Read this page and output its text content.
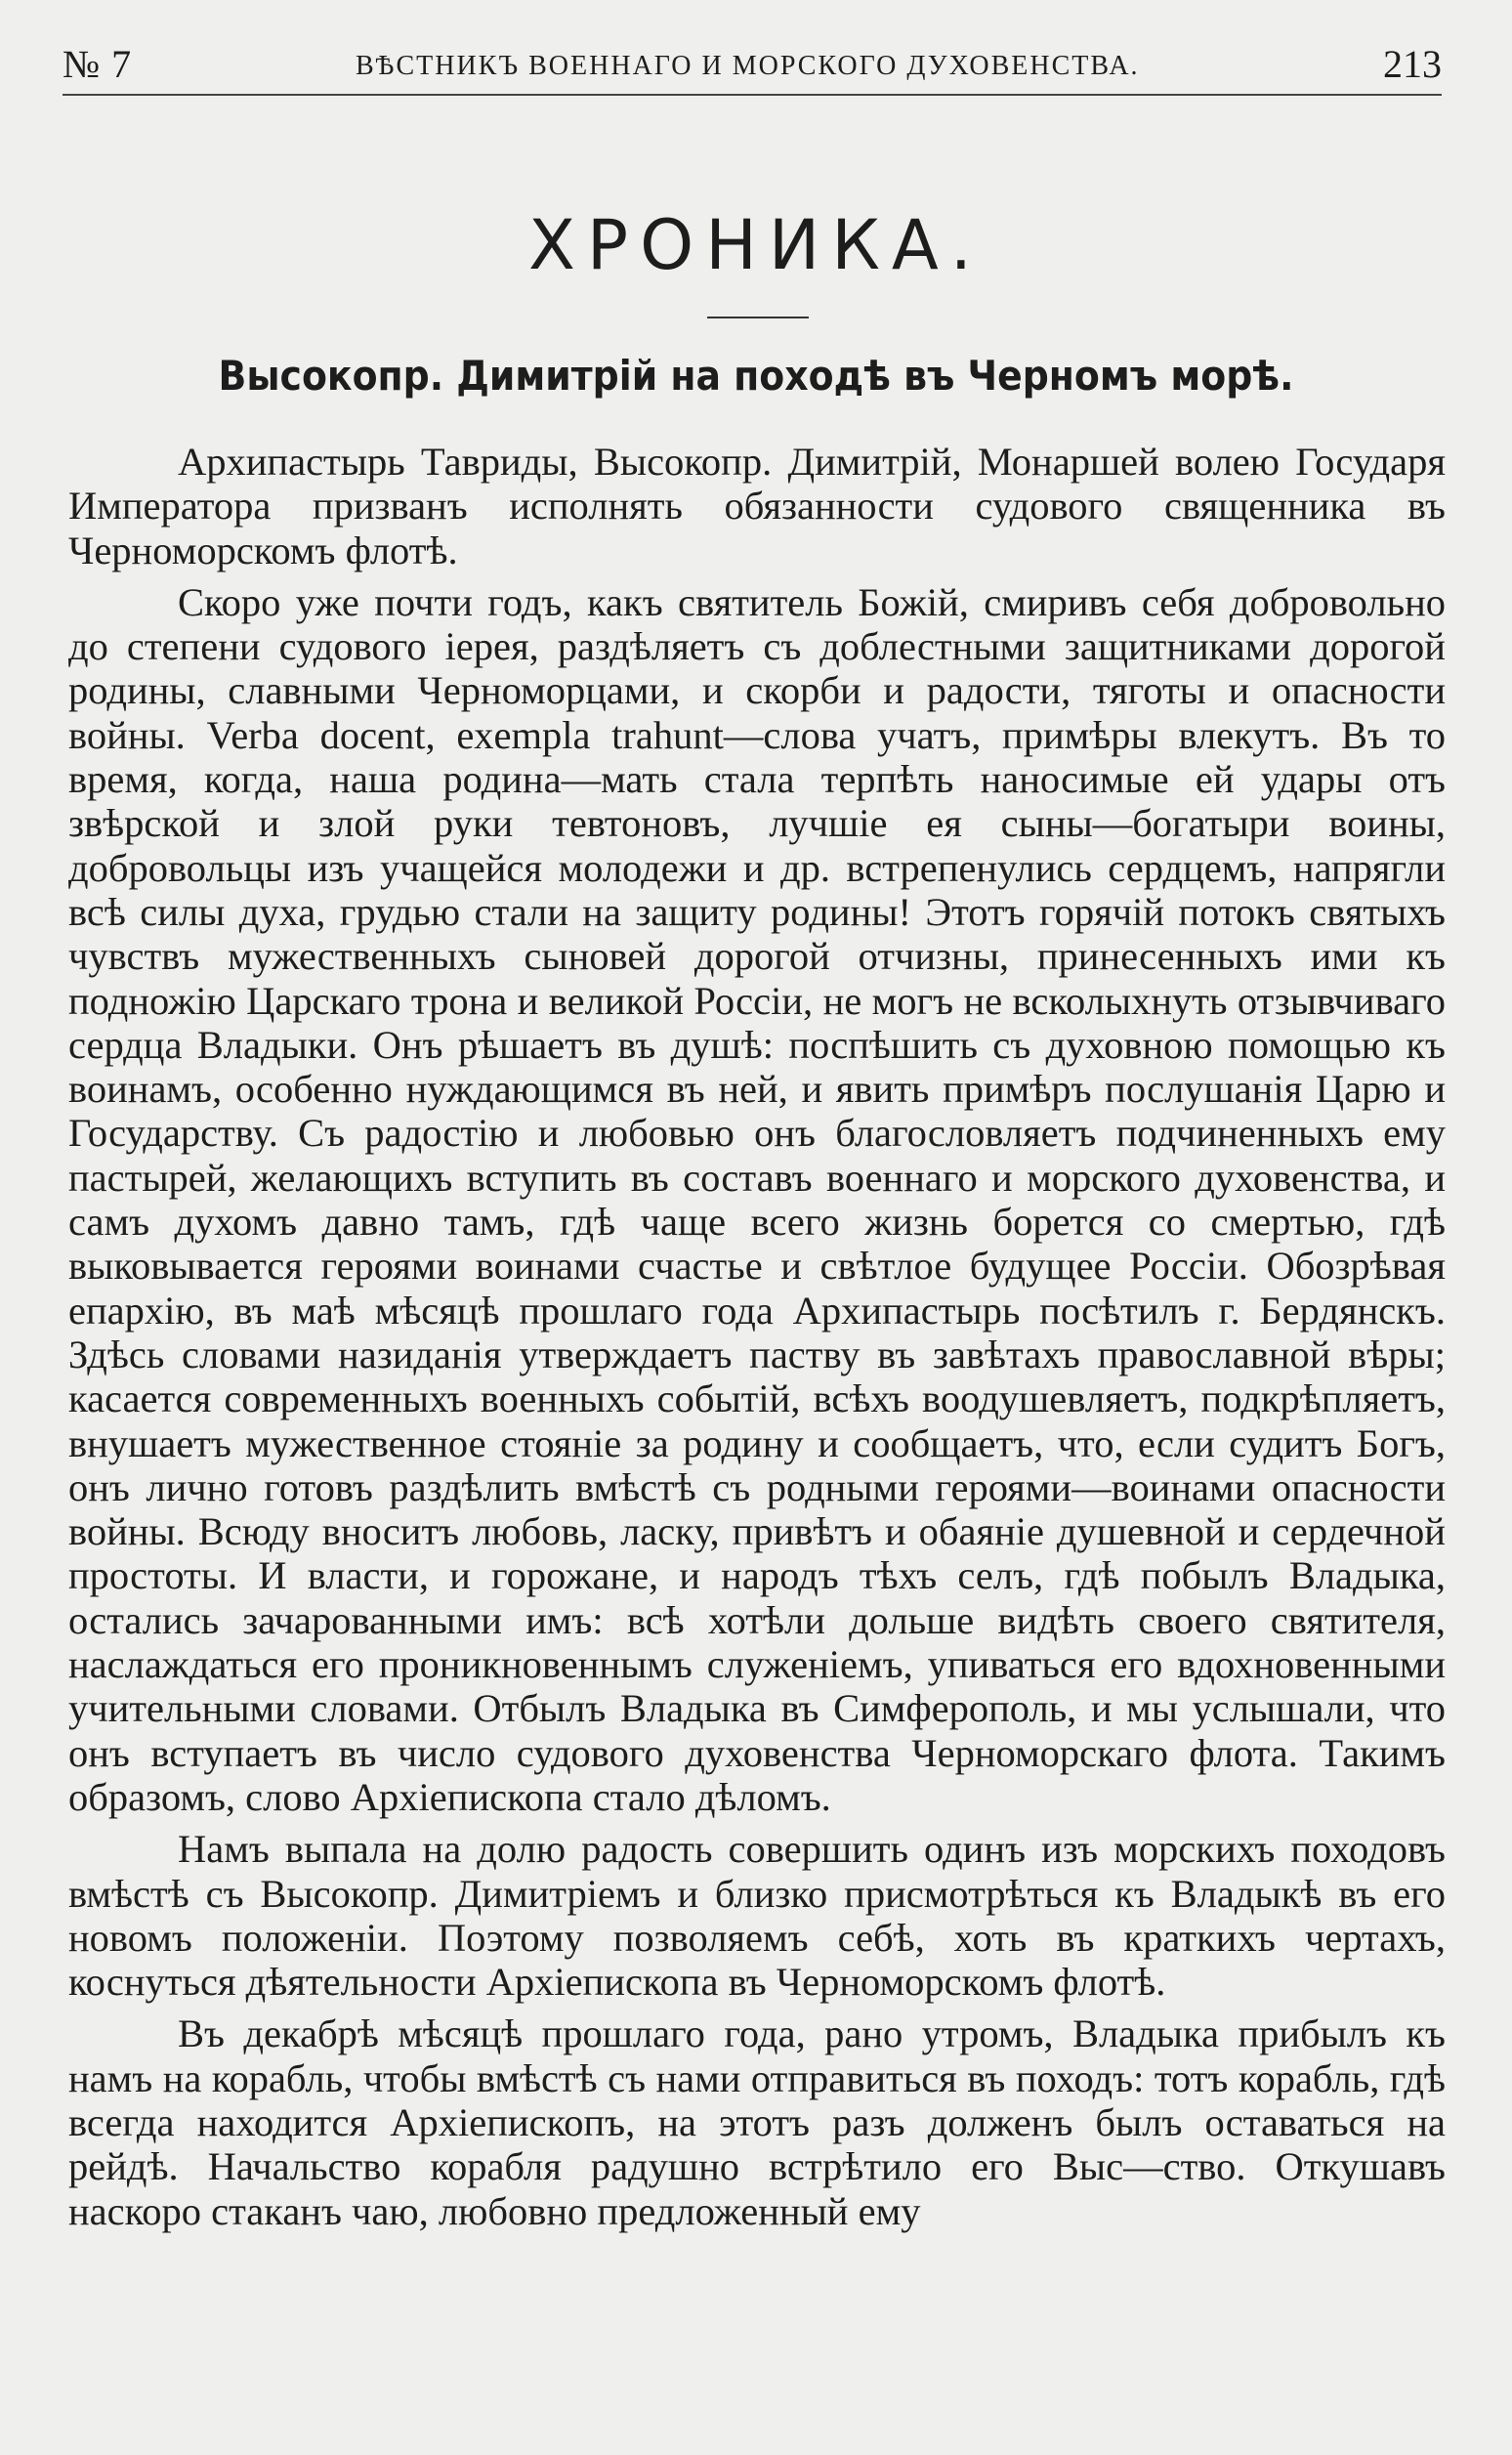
№ 7	ВѢСТНИКЪ ВОЕННАГО И МОРСКОГО ДУХОВЕНСТВА.	213
ХРОНИКА.
Высокопр. Димитрій на походѣ въ Черномъ морѣ.

Архипастырь Тавриды, Высокопр. Димитрій, Монаршей волею Государя Императора призванъ исполнять обязанности судового священника въ Черноморскомъ флотѣ.

Скоро уже почти годъ, какъ святитель Божій, смиривъ себя добровольно до степени судового іерея, раздѣляетъ съ доблестными защитниками дорогой родины, славными Черноморцами, и скорби и радости, тяготы и опасности войны. Verba docent, exempla trahunt—слова учатъ, примѣры влекутъ. Въ то время, когда, наша родина—мать стала терпѣть наносимые ей удары отъ звѣрской и злой руки тевтоновъ, лучшіе ея сыны—богатыри воины, добровольцы изъ учащейся молодежи и др. встрепенулись сердцемъ, напрягли всѣ силы духа, грудью стали на защиту родины! Этотъ горячій потокъ святыхъ чувствъ мужественныхъ сыновей дорогой отчизны, принесенныхъ ими къ подножію Царскаго трона и великой Россіи, не могъ не всколыхнуть отзывчиваго сердца Владыки. Онъ рѣшаетъ въ душѣ: поспѣшить съ духовною помощью къ воинамъ, особенно нуждающимся въ ней, и явить примѣръ послушанія Царю и Государству. Съ радостію и любовью онъ благословляетъ подчиненныхъ ему пастырей, желающихъ вступить въ составъ военнаго и морского духовенства, и самъ духомъ давно тамъ, гдѣ чаще всего жизнь борется со смертью, гдѣ выковывается героями воинами счастье и свѣтлое будущее Россіи. Обозрѣвая епархію, въ маѣ мѣсяцѣ прошлаго года Архипастырь посѣтилъ г. Бердянскъ. Здѣсь словами назиданія утверждаетъ паству въ завѣтахъ православной вѣры; касается современныхъ военныхъ событій, всѣхъ воодушевляетъ, подкрѣпляетъ, внушаетъ мужественное стояніе за родину и сообщаетъ, что, если судитъ Богъ, онъ лично готовъ раздѣлить вмѣстѣ съ родными героями—воинами опасности войны. Всюду вноситъ любовь, ласку, привѣтъ и обаяніе душевной и сердечной простоты. И власти, и горожане, и народъ тѣхъ селъ, гдѣ побылъ Владыка, остались зачарованными имъ: всѣ хотѣли дольше видѣть своего святителя, наслаждаться его проникновеннымъ служеніемъ, упиваться его вдохновенными учительными словами. Отбылъ Владыка въ Симферополь, и мы услышали, что онъ вступаетъ въ число судового духовенства Черноморскаго флота. Такимъ образомъ, слово Архіепископа стало дѣломъ.

Намъ выпала на долю радость совершить одинъ изъ морскихъ походовъ вмѣстѣ съ Высокопр. Димитріемъ и близко присмотрѣться къ Владыкѣ въ его новомъ положеніи. Поэтому позволяемъ себѣ, хоть въ краткихъ чертахъ, коснуться дѣятельности Архіепископа въ Черноморскомъ флотѣ.

Въ декабрѣ мѣсяцѣ прошлаго года, рано утромъ, Владыка прибылъ къ намъ на корабль, чтобы вмѣстѣ съ нами отправиться въ походъ: тотъ корабль, гдѣ всегда находится Архіепископъ, на этотъ разъ долженъ былъ оставаться на рейдѣ. Начальство корабля радушно встрѣтило его Выс—ство. Откушавъ наскоро стаканъ чаю, любовно предложенный ему
